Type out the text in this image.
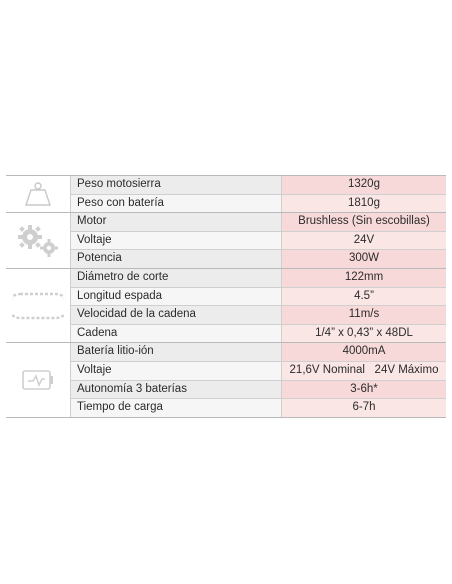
Peso motosierra	1320g
Peso con batería	1810g
Motor	Brushless (Sin escobillas)
Voltaje	24V
Potencia	300W
Diámetro de corte	122mm
Longitud espada	4.5”
Velocidad de la cadena	11m/s
Cadena	1/4” x 0,43” x 48DL
Batería litio-ión	4000mA
Voltaje	21,6V Nominal   24V Máximo
Autonomía 3 baterías	3-6h*
Tiempo de carga	6-7h
